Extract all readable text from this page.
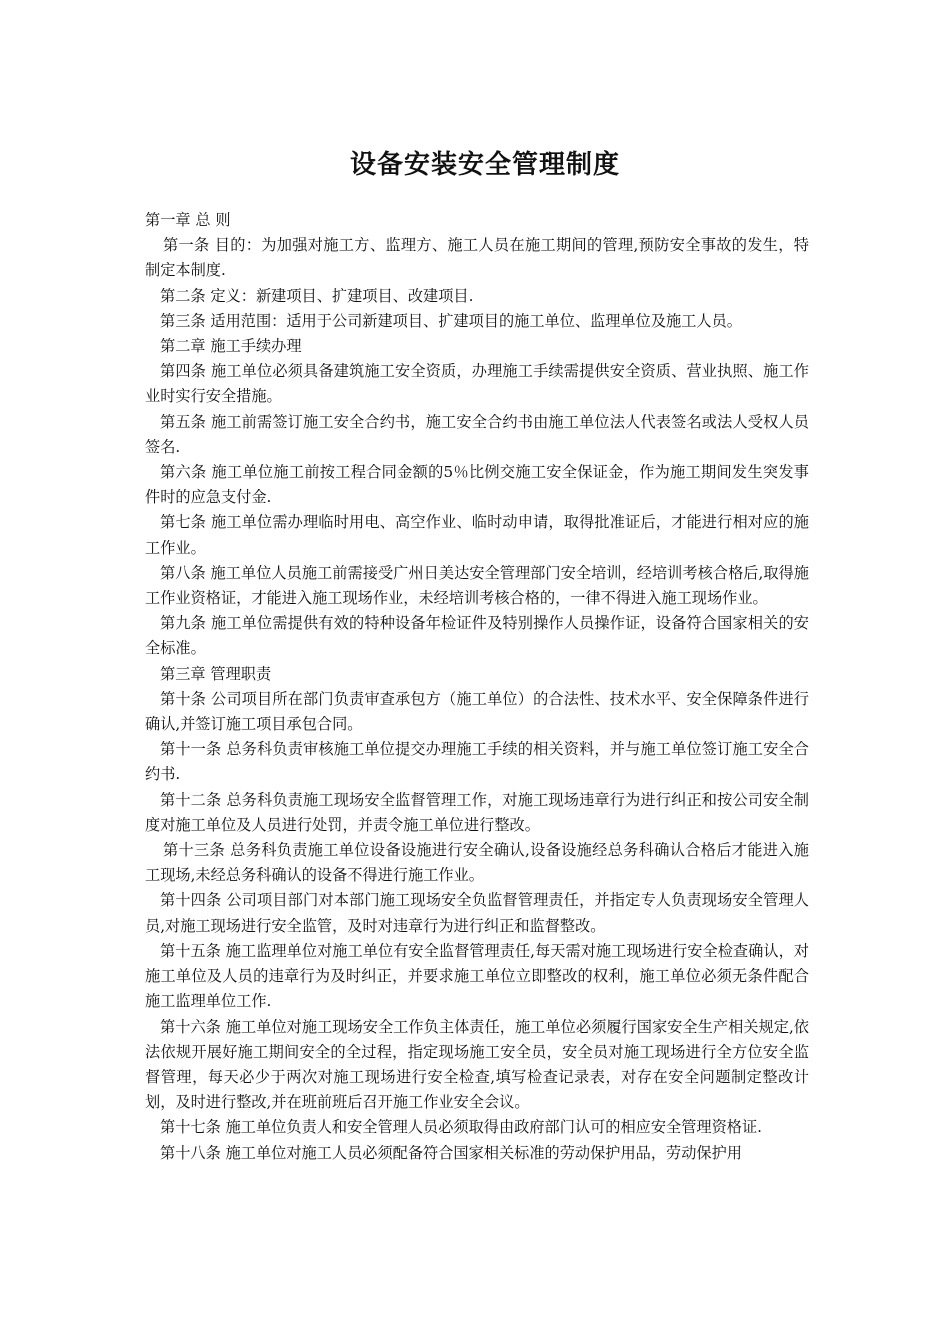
设备安装安全管理制度

第一章 总 则

第一条 目的：为加强对施工方、监理方、施工人员在施工期间的管理,预防安全事故的发生，特制定本制度.

第二条 定义：新建项目、扩建项目、改建项目.

第三条 适用范围：适用于公司新建项目、扩建项目的施工单位、监理单位及施工人员。

第二章 施工手续办理

第四条 施工单位必须具备建筑施工安全资质，办理施工手续需提供安全资质、营业执照、施工作业时实行安全措施。

第五条 施工前需签订施工安全合约书，施工安全合约书由施工单位法人代表签名或法人受权人员签名.

第六条 施工单位施工前按工程合同金额的5％比例交施工安全保证金，作为施工期间发生突发事件时的应急支付金.

第七条 施工单位需办理临时用电、高空作业、临时动申请，取得批准证后，才能进行相对应的施工作业。

第八条 施工单位人员施工前需接受广州日美达安全管理部门安全培训，经培训考核合格后,取得施工作业资格证，才能进入施工现场作业，未经培训考核合格的，一律不得进入施工现场作业。

第九条 施工单位需提供有效的特种设备年检证件及特别操作人员操作证，设备符合国家相关的安全标准。

第三章 管理职责

第十条 公司项目所在部门负责审查承包方（施工单位）的合法性、技术水平、安全保障条件进行确认,并签订施工项目承包合同。

第十一条 总务科负责审核施工单位提交办理施工手续的相关资料，并与施工单位签订施工安全合约书.

第十二条 总务科负责施工现场安全监督管理工作，对施工现场违章行为进行纠正和按公司安全制度对施工单位及人员进行处罚，并责令施工单位进行整改。

第十三条 总务科负责施工单位设备设施进行安全确认,设备设施经总务科确认合格后才能进入施工现场,未经总务科确认的设备不得进行施工作业。

第十四条 公司项目部门对本部门施工现场安全负监督管理责任，并指定专人负责现场安全管理人员,对施工现场进行安全监管，及时对违章行为进行纠正和监督整改。

第十五条 施工监理单位对施工单位有安全监督管理责任,每天需对施工现场进行安全检查确认，对施工单位及人员的违章行为及时纠正，并要求施工单位立即整改的权利，施工单位必须无条件配合施工监理单位工作.

第十六条 施工单位对施工现场安全工作负主体责任，施工单位必须履行国家安全生产相关规定,依法依规开展好施工期间安全的全过程，指定现场施工安全员，安全员对施工现场进行全方位安全监督管理，每天必少于两次对施工现场进行安全检查,填写检查记录表，对存在安全问题制定整改计划，及时进行整改,并在班前班后召开施工作业安全会议。

第十七条 施工单位负责人和安全管理人员必须取得由政府部门认可的相应安全管理资格证.

第十八条 施工单位对施工人员必须配备符合国家相关标准的劳动保护用品，劳动保护用
